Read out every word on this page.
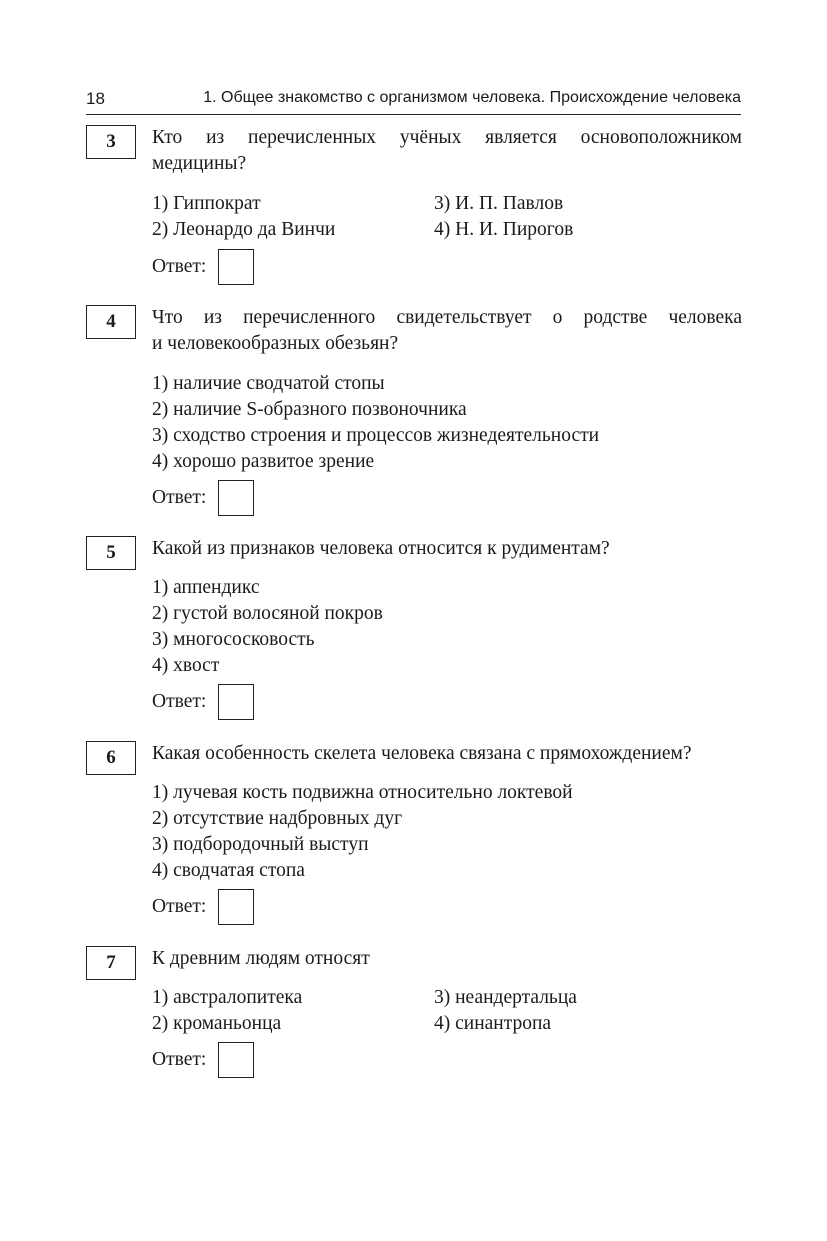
18	1. Общее знакомство с организмом человека. Происхождение человека
3	Кто из перечисленных учёных является основоположником
медицины?
1) Гиппократ	3) И. П. Павлов
2) Леонардо да Винчи	4) Н. И. Пирогов
Ответ:
4	Что из перечисленного свидетельствует о родстве человека
и человекообразных обезьян?
1) наличие сводчатой стопы
2) наличие S-образного позвоночника
3) сходство строения и процессов жизнедеятельности
4) хорошо развитое зрение
Ответ:
5	Какой из признаков человека относится к рудиментам?
1) аппендикс
2) густой волосяной покров
3) многососковость
4) хвост
Ответ:
6	Какая особенность скелета человека связана с прямохождением?
1) лучевая кость подвижна относительно локтевой
2) отсутствие надбровных дуг
3) подбородочный выступ
4) сводчатая стопа
Ответ:
7	К древним людям относят
1) австралопитека	3) неандертальца
2) кроманьонца	4) синантропа
Ответ:
